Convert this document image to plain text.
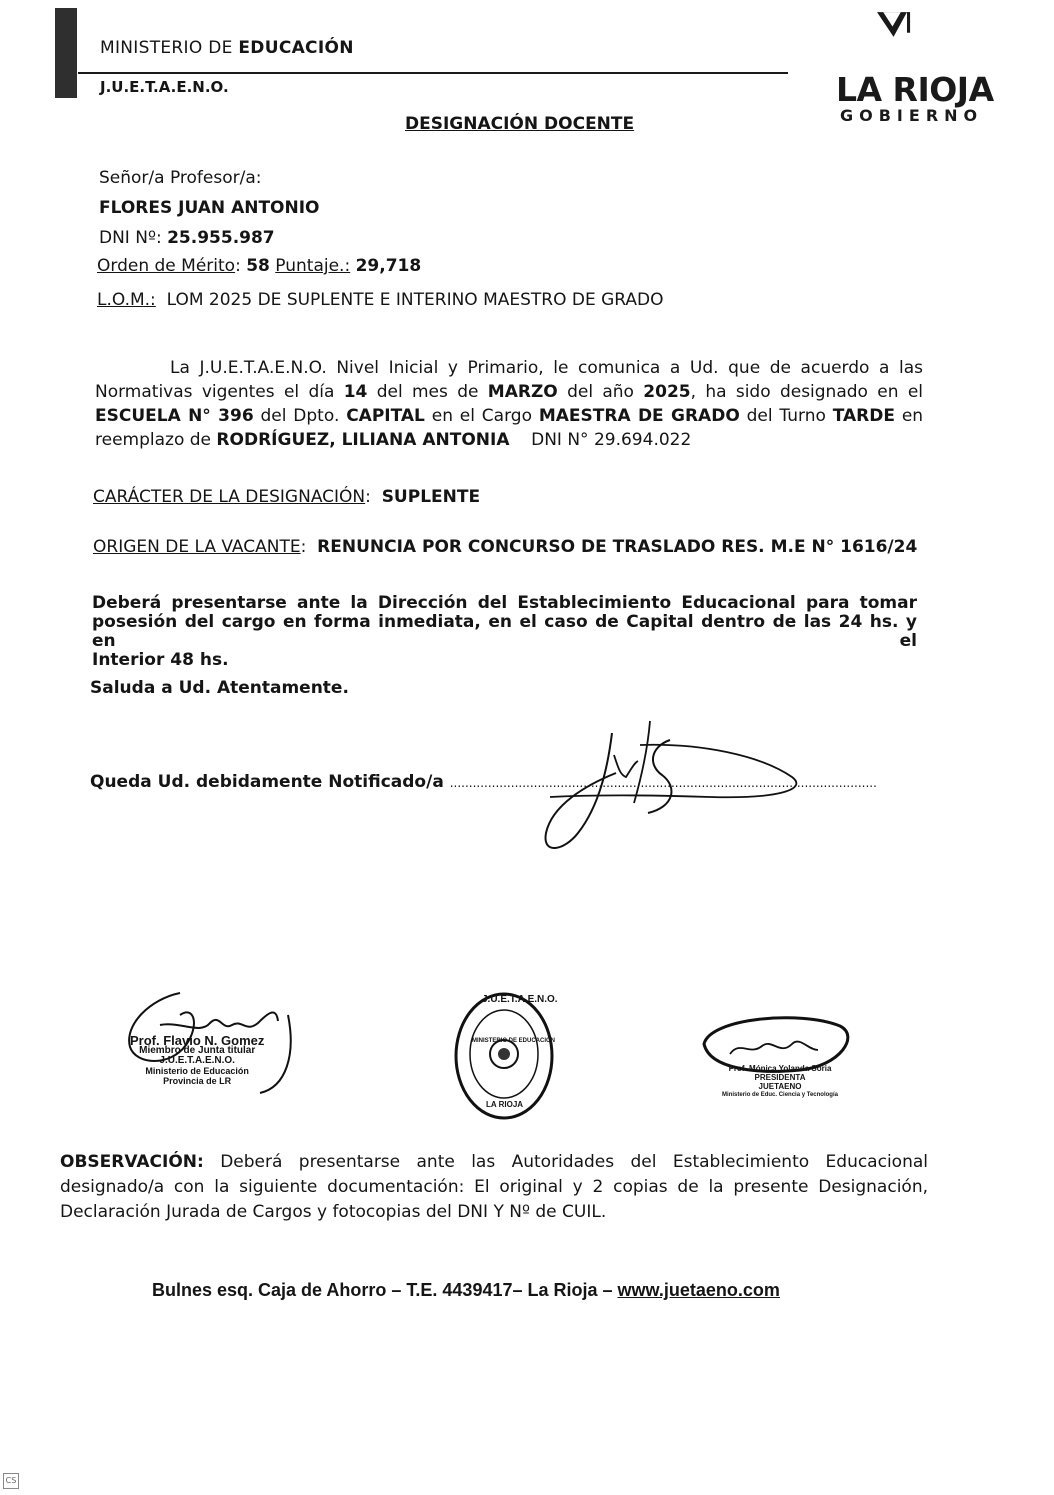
MINISTERIO DE EDUCACIÓN
J.U.E.T.A.E.N.O.	LA RIOJA
GOBIERNO
DESIGNACIÓN DOCENTE
Señor/a Profesor/a:
FLORES JUAN ANTONIO
DNI Nº: 25.955.987
Orden de Mérito: 58 Puntaje.: 29,718
L.O.M.: LOM 2025 DE SUPLENTE E INTERINO MAESTRO DE GRADO
La J.U.E.T.A.E.N.O. Nivel Inicial y Primario, le comunica a Ud. que de acuerdo a las
Normativas vigentes el día 14 del mes de MARZO del año 2025, ha sido designado en el
ESCUELA N° 396 del Dpto. CAPITAL en el Cargo MAESTRA DE GRADO del Turno TARDE en
reemplazo de RODRÍGUEZ, LILIANA ANTONIA DNI N° 29.694.022
CARÁCTER DE LA DESIGNACIÓN:  SUPLENTE
ORIGEN DE LA VACANTE:  RENUNCIA POR CONCURSO DE TRASLADO RES. M.E N° 1616/24
Deberá presentarse ante la Dirección del Establecimiento Educacional para tomar
posesión del cargo en forma inmediata, en el caso de Capital dentro de las 24 hs. y en el
Interior 48 hs.
Saluda a Ud. Atentamente.
Queda Ud. debidamente Notificado/a ................................................................................................................
Prof. Flavio N. Gomez
Miembro de Junta titular
J.U.E.T.A.E.N.O.
Ministerio de Educación
Provincia de LR
J.U.E.T.A.E.N.O.
MINISTERIO DE EDUCACIÓN
LA RIOJA
Prof. Mónica Yolanda Soria
PRESIDENTA
JUETAENO
Ministerio de Educ. Ciencia y Tecnología
OBSERVACIÓN: Deberá presentarse ante las Autoridades del Establecimiento Educacional
designado/a con la siguiente documentación: El original y 2 copias de la presente Designación,
Declaración Jurada de Cargos y fotocopias del DNI Y Nº de CUIL.
Bulnes esq. Caja de Ahorro – T.E. 4439417– La Rioja – www.juetaeno.com
CS
